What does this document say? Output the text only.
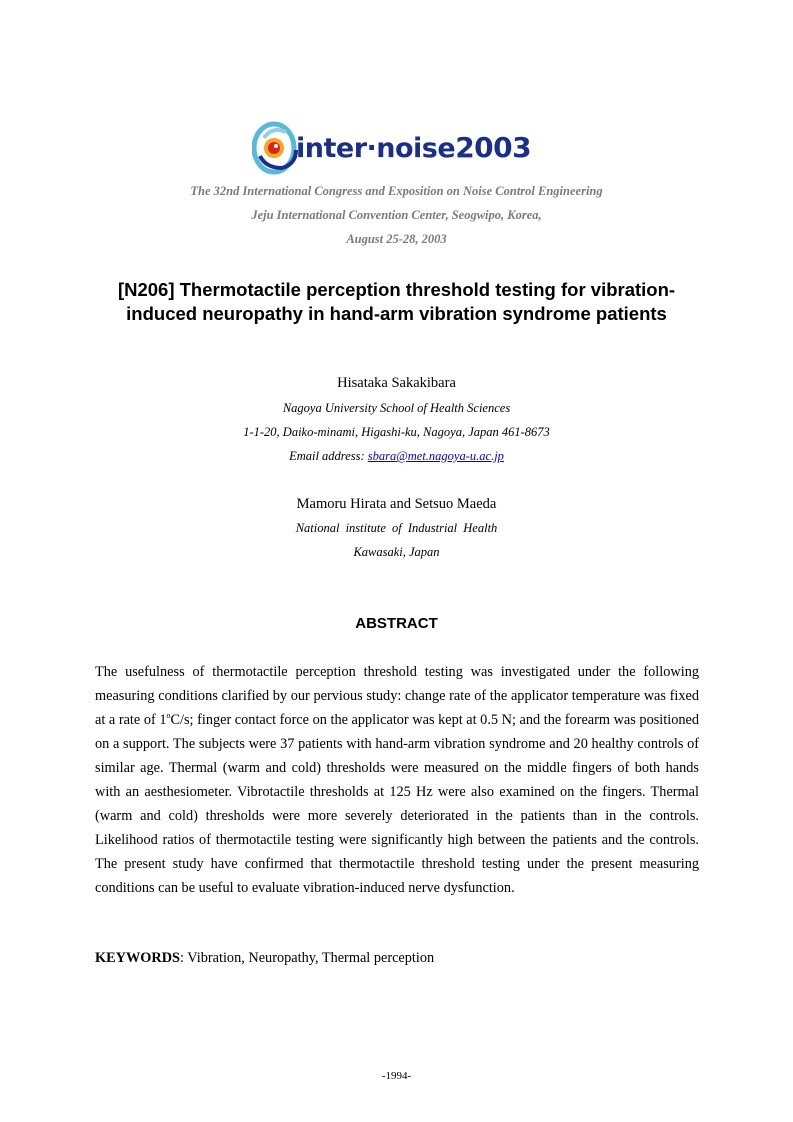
inter·noise2003
The 32nd International Congress and Exposition on Noise Control Engineering
Jeju International Convention Center, Seogwipo, Korea,
August 25-28, 2003
[N206] Thermotactile perception threshold testing for vibration-induced neuropathy in hand-arm vibration syndrome patients
Hisataka Sakakibara
Nagoya University School of Health Sciences
1-1-20, Daiko-minami, Higashi-ku, Nagoya, Japan 461-8673
Email address: sbara@met.nagoya-u.ac.jp
Mamoru Hirata and Setsuo Maeda
National institute of Industrial Health
Kawasaki, Japan
ABSTRACT
The usefulness of thermotactile perception threshold testing was investigated under the following measuring conditions clarified by our pervious study: change rate of the applicator temperature was fixed at a rate of 1$^o$C/s; finger contact force on the applicator was kept at 0.5 N; and the forearm was positioned on a support. The subjects were 37 patients with hand-arm vibration syndrome and 20 healthy controls of similar age. Thermal (warm and cold) thresholds were measured on the middle fingers of both hands with an aesthesiometer. Vibrotactile thresholds at 125 Hz were also examined on the fingers. Thermal (warm and cold) thresholds were more severely deteriorated in the patients than in the controls. Likelihood ratios of thermotactile testing were significantly high between the patients and the controls. The present study have confirmed that thermotactile threshold testing under the present measuring conditions can be useful to evaluate vibration-induced nerve dysfunction.
KEYWORDS: Vibration, Neuropathy, Thermal perception
-1994-
